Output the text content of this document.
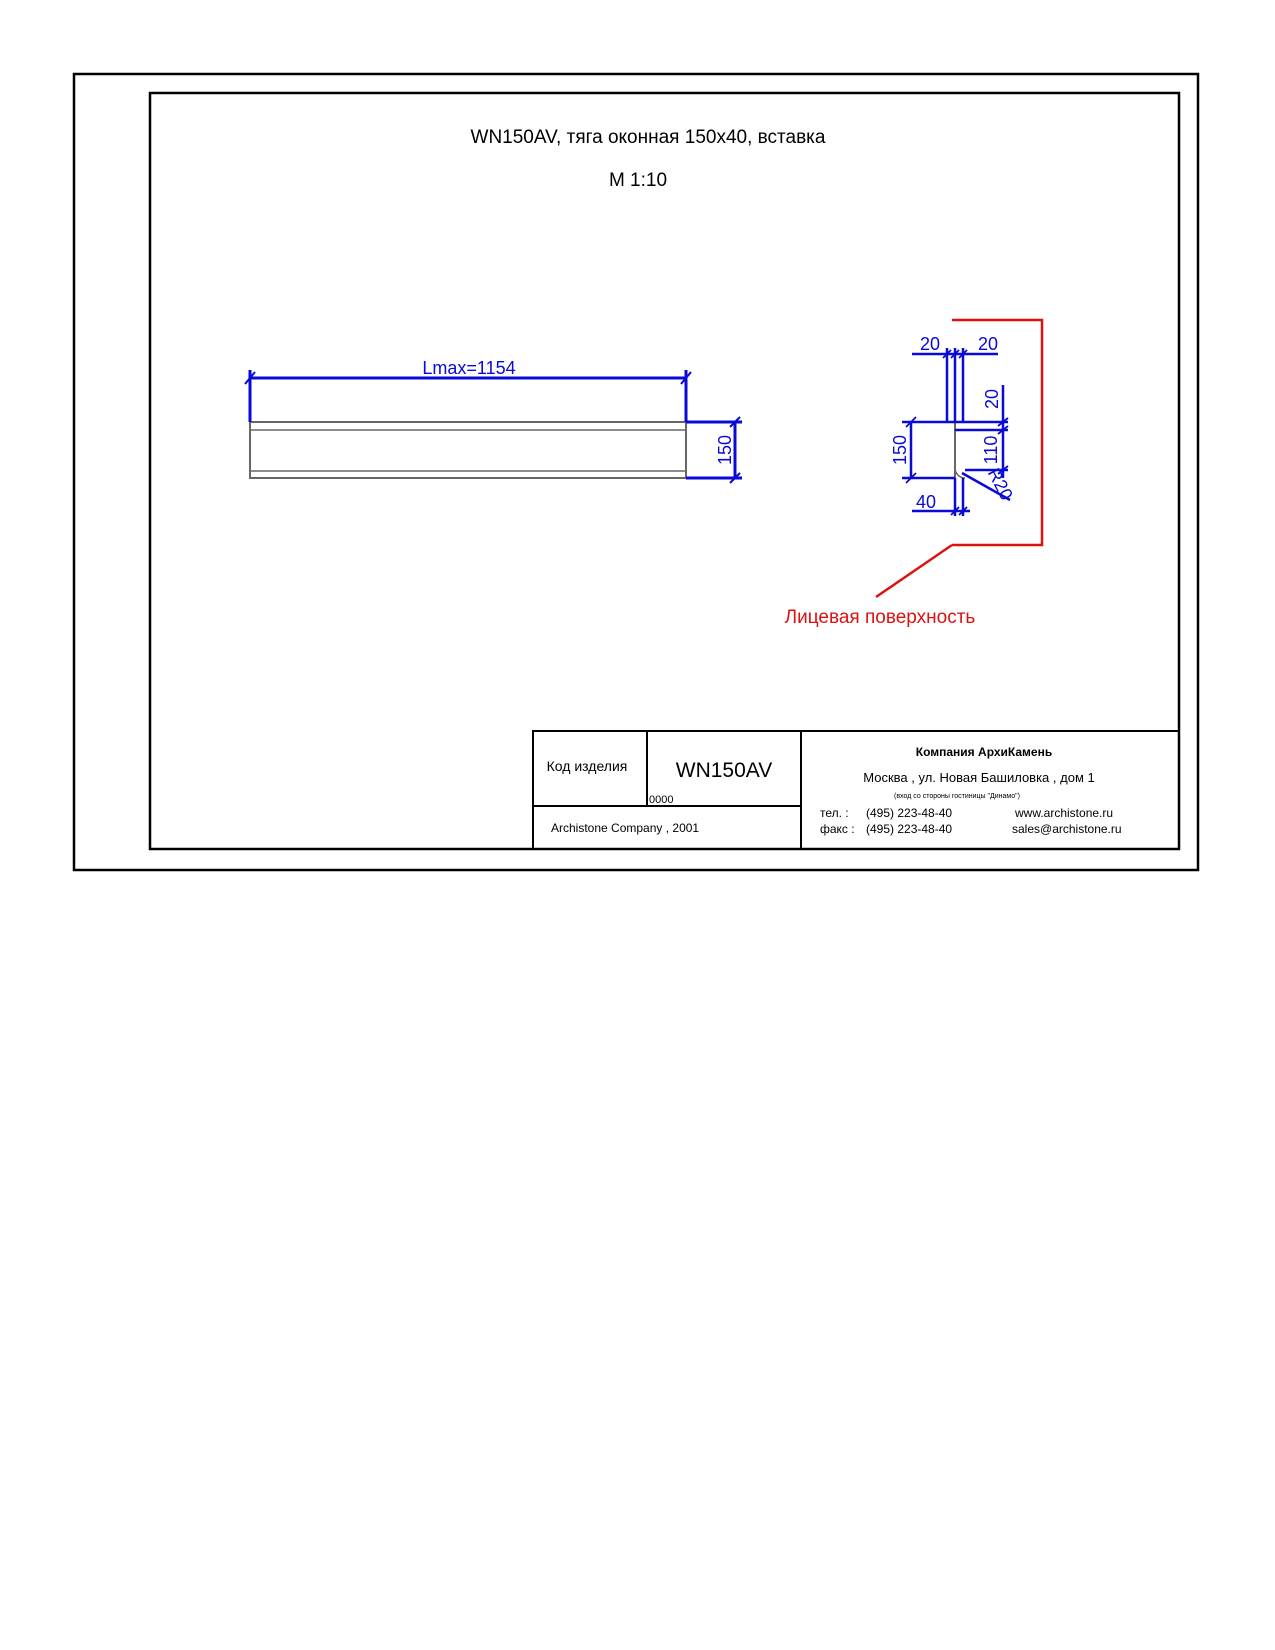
WN150AV, тяга оконная 150х40, вставка
М 1:10
Lmax=1154
150
20 20
20
110
R20
150
40
Лицевая поверхность
Код изделия WN150AV
0000
Archistone Company , 2001
Компания АрхиКамень
Москва , ул. Новая Башиловка , дом 1
(вход со стороны гостиницы "Динамо")
тел. : (495) 223-48-40
факс : (495) 223-48-40
www.archistone.ru
sales@archistone.ru
